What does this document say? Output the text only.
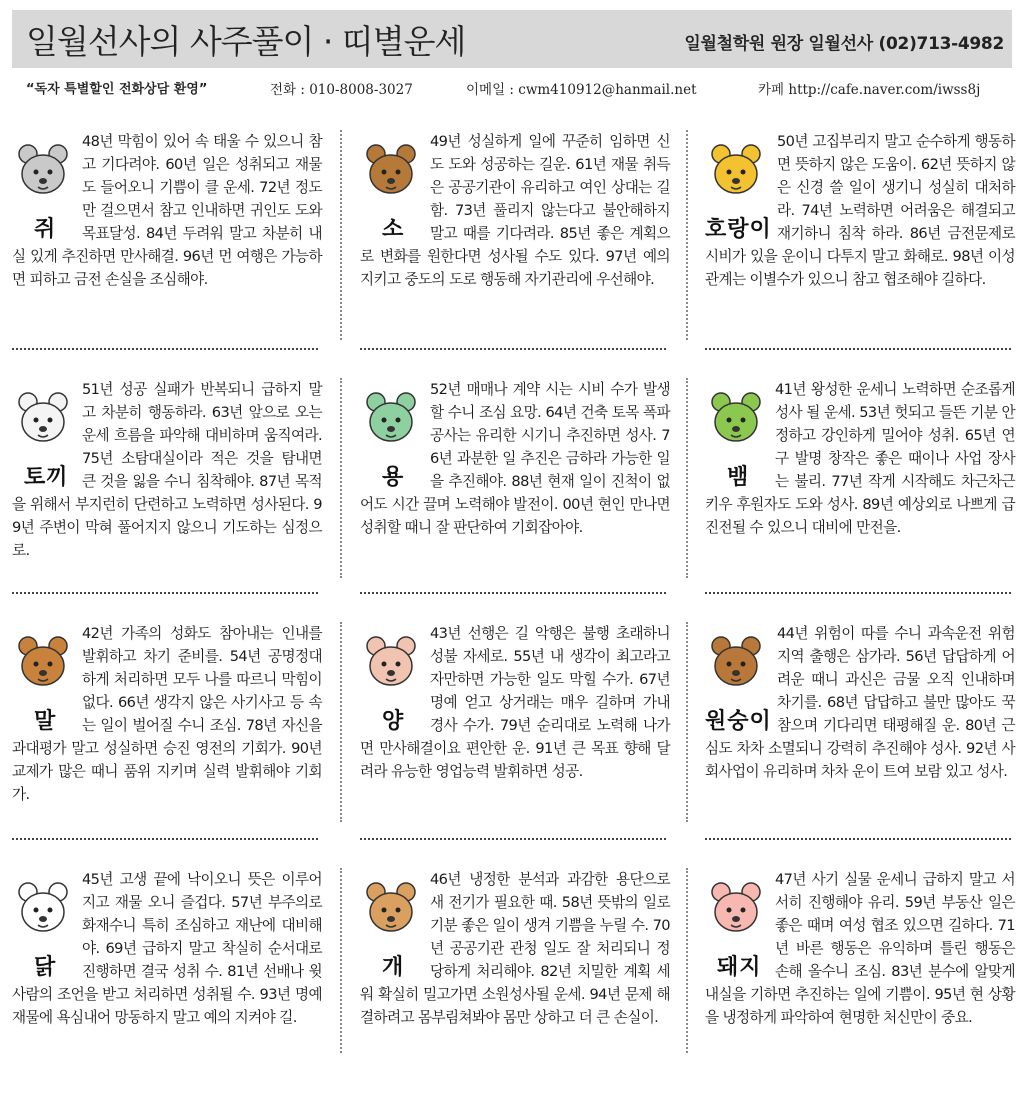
일월선사의 사주풀이 · 띠별운세	일월철학원 원장 일월선사 (02)713-4982
“독자 특별할인 전화상담 환영”	전화 : 010-8008-3027	이메일 : cwm410912@hanmail.net	카페 http://cafe.naver.com/iwss8j
쥐

48년 막힘이 있어 속 태울 수 있으니 참고 기다려야. 60년 일은 성취되고 재물도 들어오니 기쁨이 클 운세. 72년 정도만 걸으면서 참고 인내하면 귀인도 도와 목표달성. 84년 두려워 말고 차분히 내실 있게 추진하면 만사해결. 96년 먼 여행은 가능하면 피하고 금전 손실을 조심해야.

소

49년 성실하게 일에 꾸준히 임하면 신도 도와 성공하는 길운. 61년 재물 취득은 공공기관이 유리하고 여인 상대는 길함. 73년 풀리지 않는다고 불안해하지 말고 때를 기다려라. 85년 좋은 계획으로 변화를 원한다면 성사될 수도 있다. 97년 예의 지키고 중도의 도로 행동해 자기관리에 우선해야.

호랑이

50년 고집부리지 말고 순수하게 행동하면 뜻하지 않은 도움이. 62년 뜻하지 않은 신경 쓸 일이 생기니 성실히 대처하라. 74년 노력하면 어려움은 해결되고 재기하니 침착 하라. 86년 금전문제로 시비가 있을 운이니 다투지 말고 화해로. 98년 이성 관계는 이별수가 있으니 참고 협조해야 길하다.

토끼

51년 성공 실패가 반복되니 급하지 말고 차분히 행동하라. 63년 앞으로 오는 운세 흐름을 파악해 대비하며 움직여라. 75년 소탐대실이라 적은 것을 탐내면 큰 것을 잃을 수니 침착해야. 87년 목적을 위해서 부지런히 단련하고 노력하면 성사된다. 99년 주변이 막혀 풀어지지 않으니 기도하는 심정으로.

용

52년 매매나 계약 시는 시비 수가 발생할 수니 조심 요망. 64년 건축 토목 폭파 공사는 유리한 시기니 추진하면 성사. 76년 과분한 일 추진은 금하라 가능한 일을 추진해야. 88년 현재 일이 진척이 없어도 시간 끌며 노력해야 발전이. 00년 현인 만나면 성취할 때니 잘 판단하여 기회잡아야.

뱀

41년 왕성한 운세니 노력하면 순조롭게 성사 될 운세. 53년 헛되고 들뜬 기분 안정하고 강인하게 밀어야 성취. 65년 연구 발명 창작은 좋은 때이나 사업 장사는 불리. 77년 작게 시작해도 차근차근 키우 후원자도 도와 성사. 89년 예상외로 나쁘게 급진전될 수 있으니 대비에 만전을.

말

42년 가족의 성화도 참아내는 인내를 발휘하고 차기 준비를. 54년 공명정대하게 처리하면 모두 나를 따르니 막힘이 없다. 66년 생각지 않은 사기사고 등 속는 일이 벌어질 수니 조심. 78년 자신을 과대평가 말고 성실하면 승진 영전의 기회가. 90년 교제가 많은 때니 품위 지키며 실력 발휘해야 기회가.

양

43년 선행은 길 악행은 불행 초래하니 성불 자세로. 55년 내 생각이 최고라고 자만하면 가능한 일도 막힐 수가. 67년 명예 얻고 상거래는 매우 길하며 가내 경사 수가. 79년 순리대로 노력해 나가면 만사해결이요 편안한 운. 91년 큰 목표 향해 달려라 유능한 영업능력 발휘하면 성공.

원숭이

44년 위험이 따를 수니 과속운전 위험지역 출행은 삼가라. 56년 답답하게 어려운 때니 과신은 금물 오직 인내하며 차기를. 68년 답답하고 불만 많아도 꾹 참으며 기다리면 태평해질 운. 80년 근심도 차차 소멸되니 강력히 추진해야 성사. 92년 사회사업이 유리하며 차차 운이 트여 보람 있고 성사.

닭

45년 고생 끝에 낙이오니 뜻은 이루어지고 재물 오니 즐겁다. 57년 부주의로 화재수니 특히 조심하고 재난에 대비해야. 69년 급하지 말고 착실히 순서대로 진행하면 결국 성취 수. 81년 선배나 윗사람의 조언을 받고 처리하면 성취될 수. 93년 명예 재물에 욕심내어 망동하지 말고 예의 지켜야 길.

개

46년 냉정한 분석과 과감한 용단으로 새 전기가 필요한 때. 58년 뜻밖의 일로 기분 좋은 일이 생겨 기쁨을 누릴 수. 70년 공공기관 관청 일도 잘 처리되니 정당하게 처리해야. 82년 치밀한 계획 세워 확실히 밀고가면 소원성사될 운세. 94년 문제 해결하려고 몸부림쳐봐야 몸만 상하고 더 큰 손실이.

돼지

47년 사기 실물 운세니 급하지 말고 서서히 진행해야 유리. 59년 부동산 일은 좋은 때며 여성 협조 있으면 길하다. 71년 바른 행동은 유익하며 틀린 행동은 손해 올수니 조심. 83년 분수에 알맞게 내실을 기하면 추진하는 일에 기쁨이. 95년 현 상황을 냉정하게 파악하여 현명한 처신만이 중요.
